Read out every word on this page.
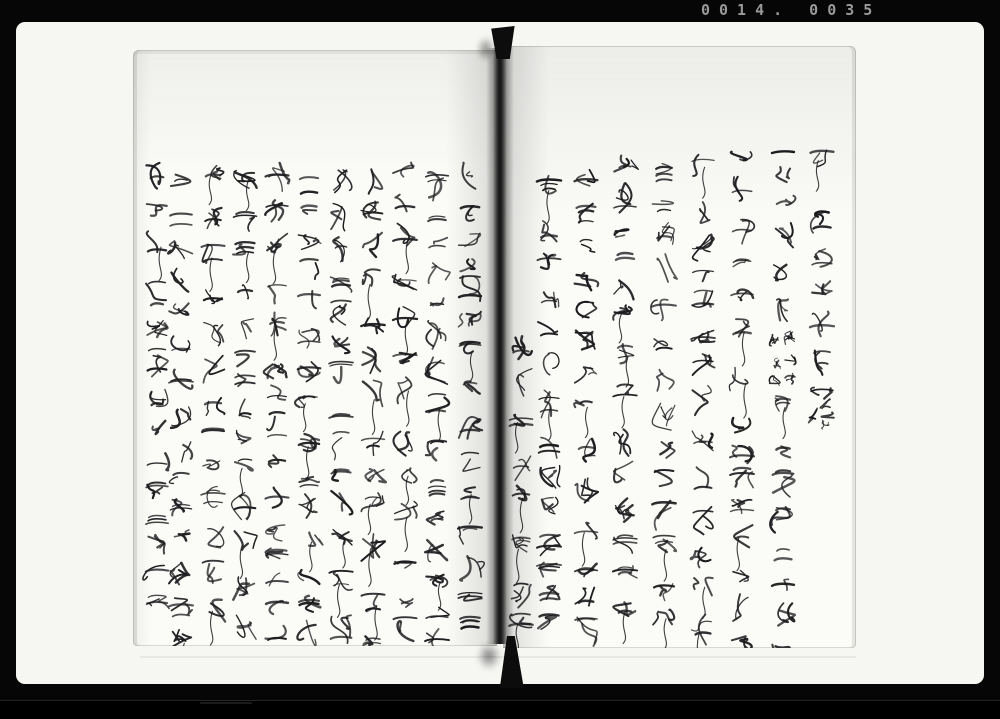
0014. 0035
